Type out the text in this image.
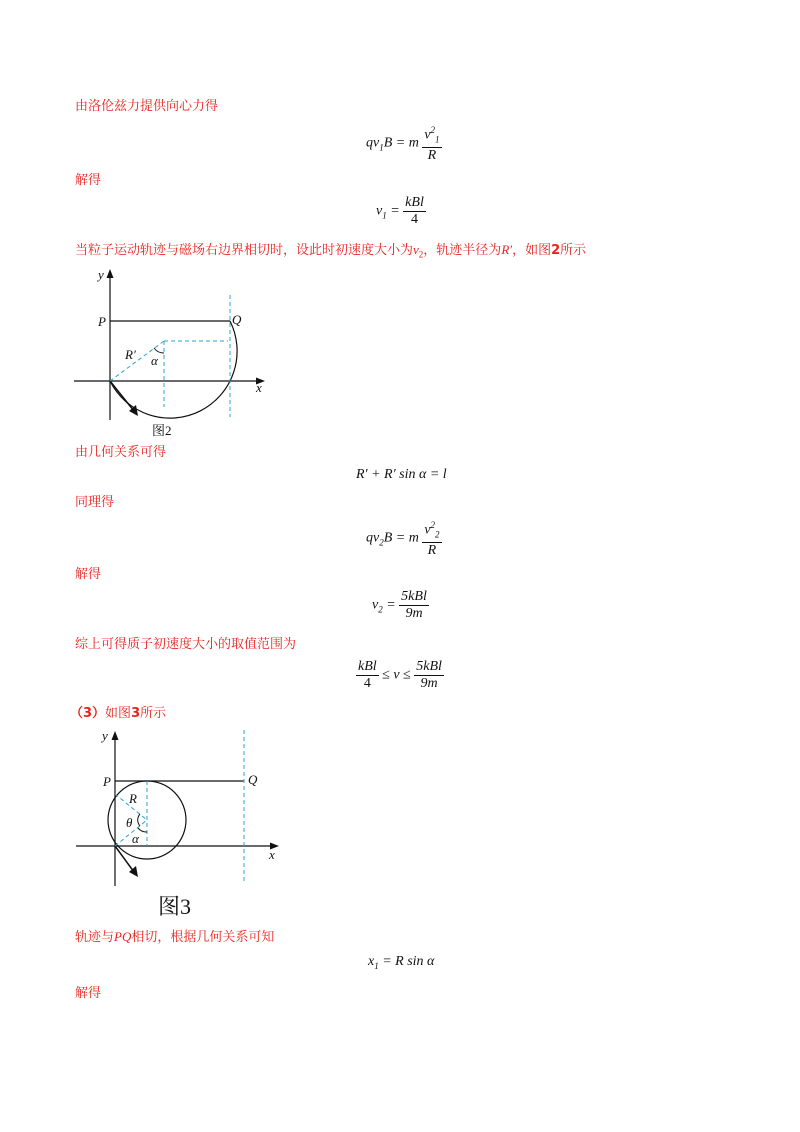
由洛伦兹力提供向心力得
$qv_1B = m \frac{v^2_1}{R}$
解得
$v_1 = \frac{\text{kBl}}{4}$
当粒子运动轨迹与磁场右边界相切时，设此时初速度大小为$v_2$，轨迹半径为R′，如图2所示
y
x
P	Q
R′ α
图2
由几何关系可得
R′ + R′ sin α = l
同理得
$qv_2B = m \frac{v^2_2}{R}$
解得
$v_2 = \frac{\text{5kBl}}{9m}$
综上可得质子初速度大小的取值范围为
$\frac{\text{kBl}}{4} \le v \le \frac{\text{5kBl}}{9m}$
（3）如图3所示
y
x
P	Q
R
θ
α
图3
轨迹与PQ相切，根据几何关系可知
$x_1 = R$ sin α
解得
